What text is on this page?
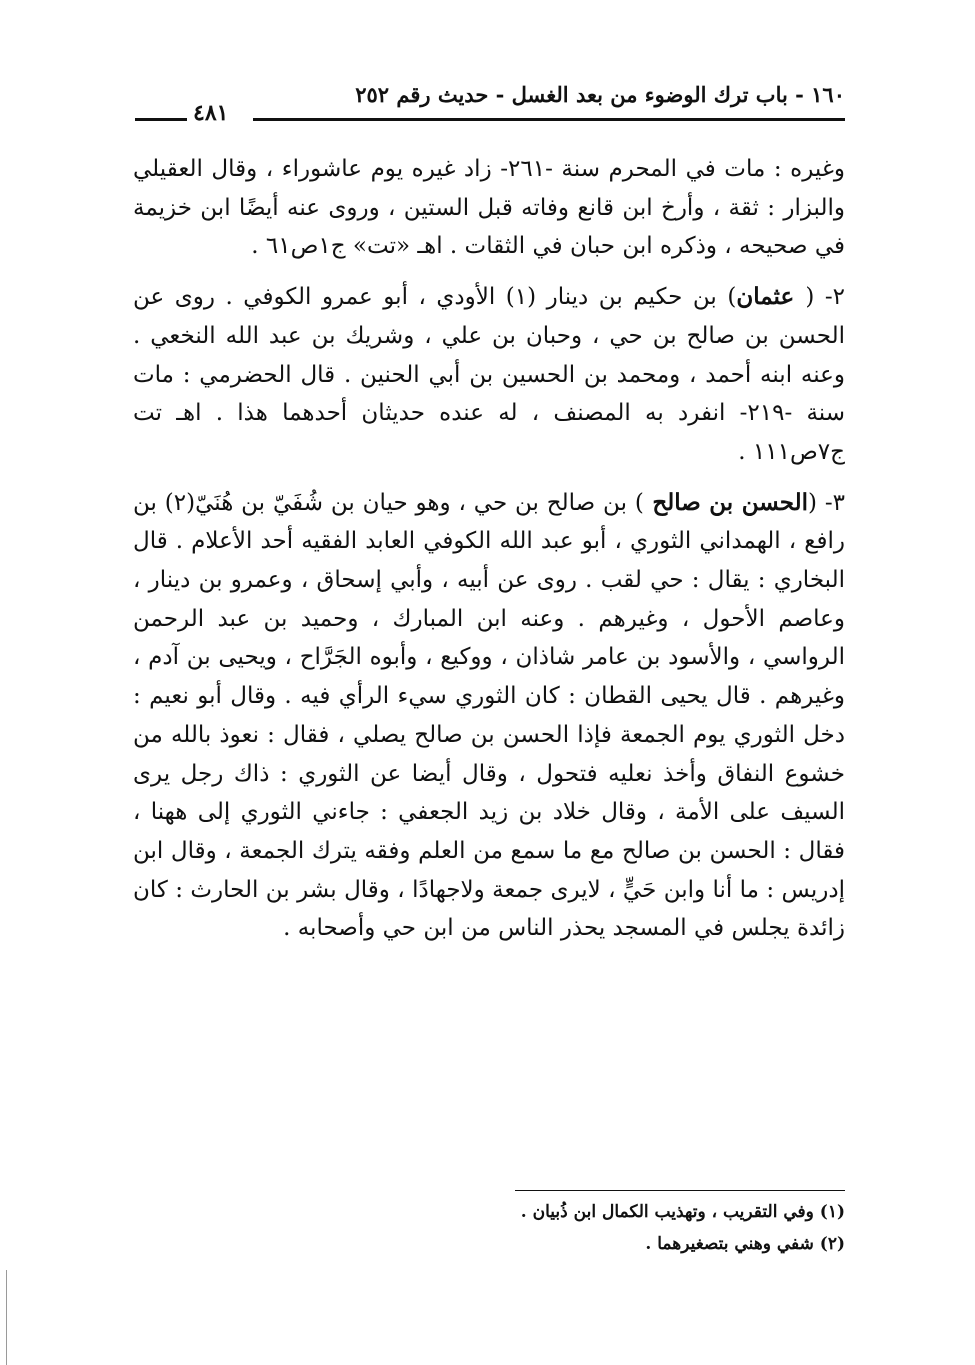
١٦٠ - باب ترك الوضوء من بعد الغسل - حديث رقم ٢٥٢
٤٨١

وغيره : مات في المحرم سنة -٢٦١- زاد غيره يوم عاشوراء ، وقال العقيلي والبزار : ثقة ، وأرخ ابن قانع وفاته قبل الستين ، وروى عنه أيضًا ابن خزيمة في صحيحه ، وذكره ابن حبان في الثقات . اهـ «تت» ج١ص٦١ .

٢- ( عثمان) بن حكيم بن دينار (١) الأودي ، أبو عمرو الكوفي . روى عن الحسن بن صالح بن حي ، وحبان بن علي ، وشريك بن عبد الله النخعي . وعنه ابنه أحمد ، ومحمد بن الحسين بن أبي الحنين . قال الحضرمي : مات سنة -٢١٩- انفرد به المصنف ، له عنده حديثان أحدهما هذا . اهـ تت ج٧ص١١١ .

٣- (الحسن بن صالح ) بن صالح بن حي ، وهو حيان بن شُفَيّ بن هُنَيّ(٢) بن رافع ، الهمداني الثوري ، أبو عبد الله الكوفي العابد الفقيه أحد الأعلام . قال البخاري : يقال : حي لقب . روى عن أبيه ، وأبي إسحاق ، وعمرو بن دينار ، وعاصم الأحول ، وغيرهم . وعنه ابن المبارك ، وحميد بن عبد الرحمن الرواسي ، والأسود بن عامر شاذان ، ووكيع ، وأبوه الجَرَّاح ، ويحيى بن آدم ، وغيرهم . قال يحيى القطان : كان الثوري سيء الرأي فيه . وقال أبو نعيم : دخل الثوري يوم الجمعة فإذا الحسن بن صالح يصلي ، فقال : نعوذ بالله من خشوع النفاق وأخذ نعليه فتحول ، وقال أيضا عن الثوري : ذاك رجل يرى السيف على الأمة ، وقال خلاد بن زيد الجعفي : جاءني الثوري إلى ههنا ، فقال : الحسن بن صالح مع ما سمع من العلم وفقه يترك الجمعة ، وقال ابن إدريس : ما أنا وابن حَيٍّ ، لايرى جمعة ولاجهادًا ، وقال بشر بن الحارث : كان زائدة يجلس في المسجد يحذر الناس من ابن حي وأصحابه .

(١) وفي التقريب ، وتهذيب الكمال ابن ذُبيان .

(٢) شفي وهني بتصغيرهما .
